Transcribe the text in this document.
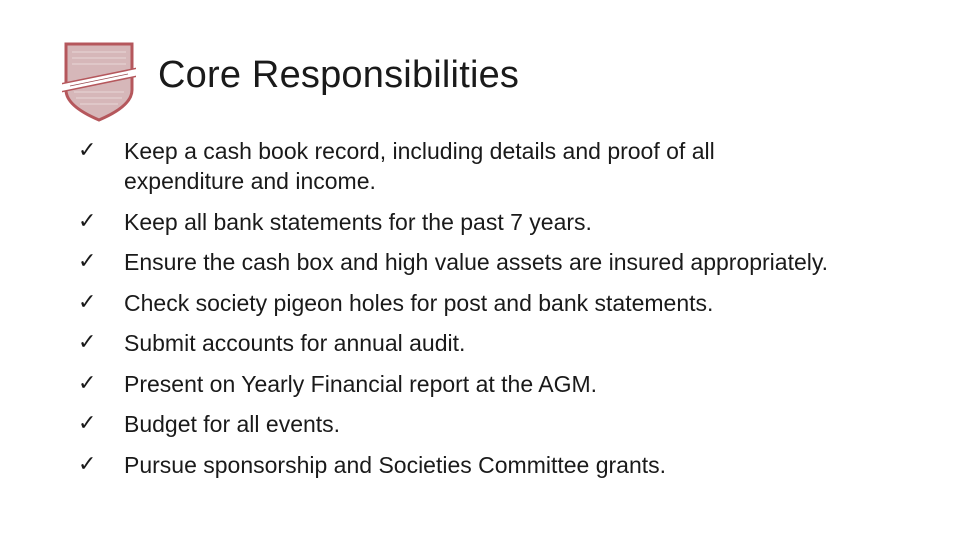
Core Responsibilities
✓	Keep a cash book record, including details and proof of all expenditure and income.
✓	Keep all bank statements for the past 7 years.
✓	Ensure the cash box and high value assets are insured appropriately.
✓	Check society pigeon holes for post and bank statements.
✓	Submit accounts for annual audit.
✓	Present on Yearly Financial report at the AGM.
✓	Budget for all events.
✓	Pursue sponsorship and Societies Committee grants.
